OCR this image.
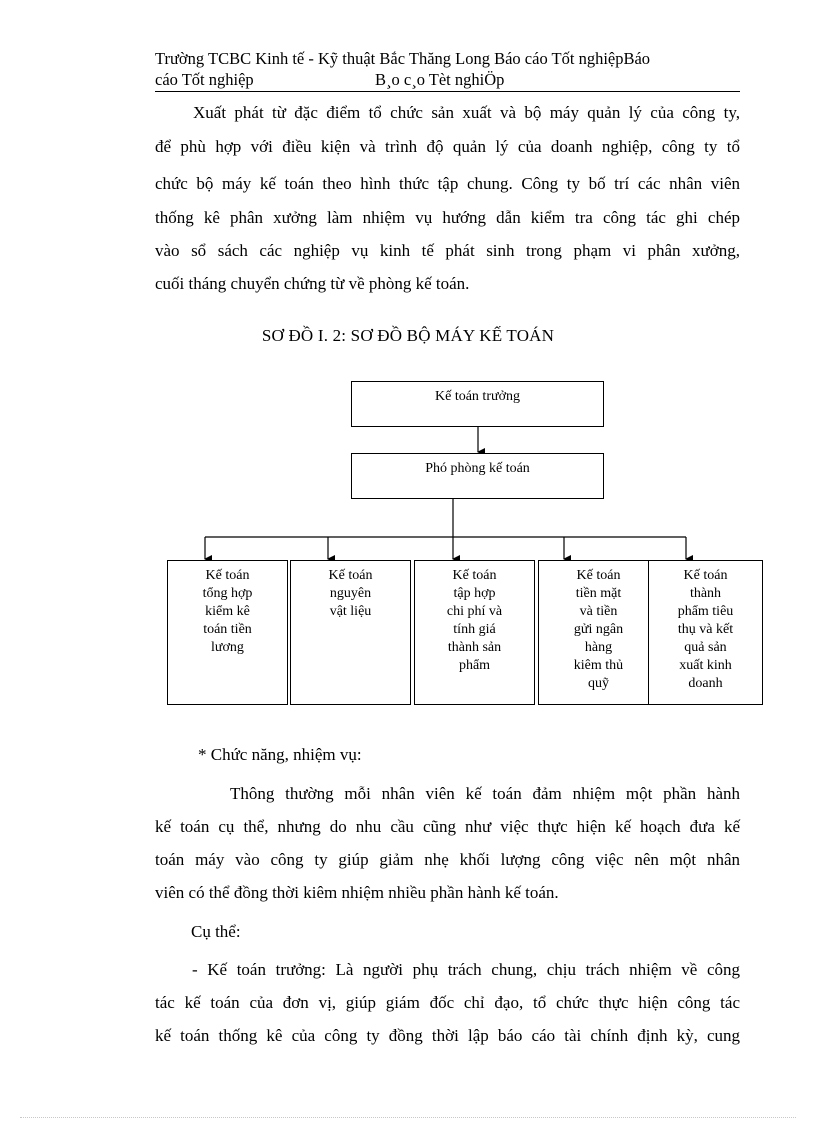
Trường TCBC Kinh tế - Kỹ thuật Bắc Thăng Long Báo cáo Tốt nghiệpBáo
cáo Tốt nghiệp	B¸o c¸o Tèt nghiÖp
Xuất phát từ đặc điểm tổ chức sản xuất và bộ máy quản lý của công ty,
để phù hợp với điều kiện và trình độ quản lý của doanh nghiệp, công ty tổ
chức bộ máy kế toán theo hình thức tập chung. Công ty bố trí các nhân viên
thống kê phân xưởng làm nhiệm vụ hướng dẫn kiểm tra công tác ghi chép
vào sổ sách các nghiệp vụ kinh tế phát sinh trong phạm vi phân xưởng,
cuối tháng chuyển chứng từ về phòng kế toán.
SƠ ĐỒ I. 2: SƠ ĐỒ BỘ MÁY KẾ TOÁN
Kế toán trưởng
Phó phòng kế toán
Kế toán
tổng hợp
kiểm kê
toán tiền
lương
Kế toán
nguyên
vật liệu
Kế toán
tập hợp
chi phí và
tính giá
thành sản
phẩm
Kế toán
tiền mặt
và tiền
gửi ngân
hàng
kiêm thủ
quỹ
Kế toán
thành
phẩm tiêu
thụ và kết
quả sản
xuất kinh
doanh
* Chức năng, nhiệm vụ:
Thông thường mỗi nhân viên kế toán đảm nhiệm một phần hành
kế toán cụ thể, nhưng do nhu cầu cũng như việc thực hiện kế hoạch đưa kế
toán máy vào công ty giúp giảm nhẹ khối lượng công việc nên một nhân
viên có thể đồng thời kiêm nhiệm nhiều phần hành kế toán.
Cụ thể:
- Kế toán trưởng: Là người phụ trách chung, chịu trách nhiệm về công
tác kế toán của đơn vị, giúp giám đốc chỉ đạo, tổ chức thực hiện công tác
kế toán thống kê của công ty đồng thời lập báo cáo tài chính định kỳ, cung
